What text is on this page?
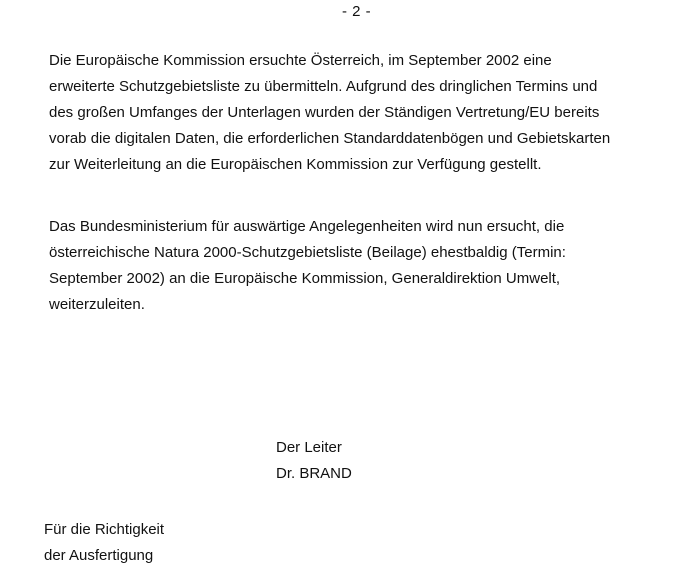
- 2 -

Die Europäische Kommission ersuchte Österreich, im September 2002 eine
erweiterte Schutzgebietsliste zu übermitteln. Aufgrund des dringlichen Termins und
des großen Umfanges der Unterlagen wurden der Ständigen Vertretung/EU bereits
vorab die digitalen Daten, die erforderlichen Standarddatenbögen und Gebietskarten
zur Weiterleitung an die Europäischen Kommission zur Verfügung gestellt.

Das Bundesministerium für auswärtige Angelegenheiten wird nun ersucht, die
österreichische Natura 2000-Schutzgebietsliste (Beilage) ehestbaldig (Termin:
September 2002) an die Europäische Kommission, Generaldirektion Umwelt,
weiterzuleiten.

Der Leiter
Dr. BRAND
Für die Richtigkeit
der Ausfertigung
